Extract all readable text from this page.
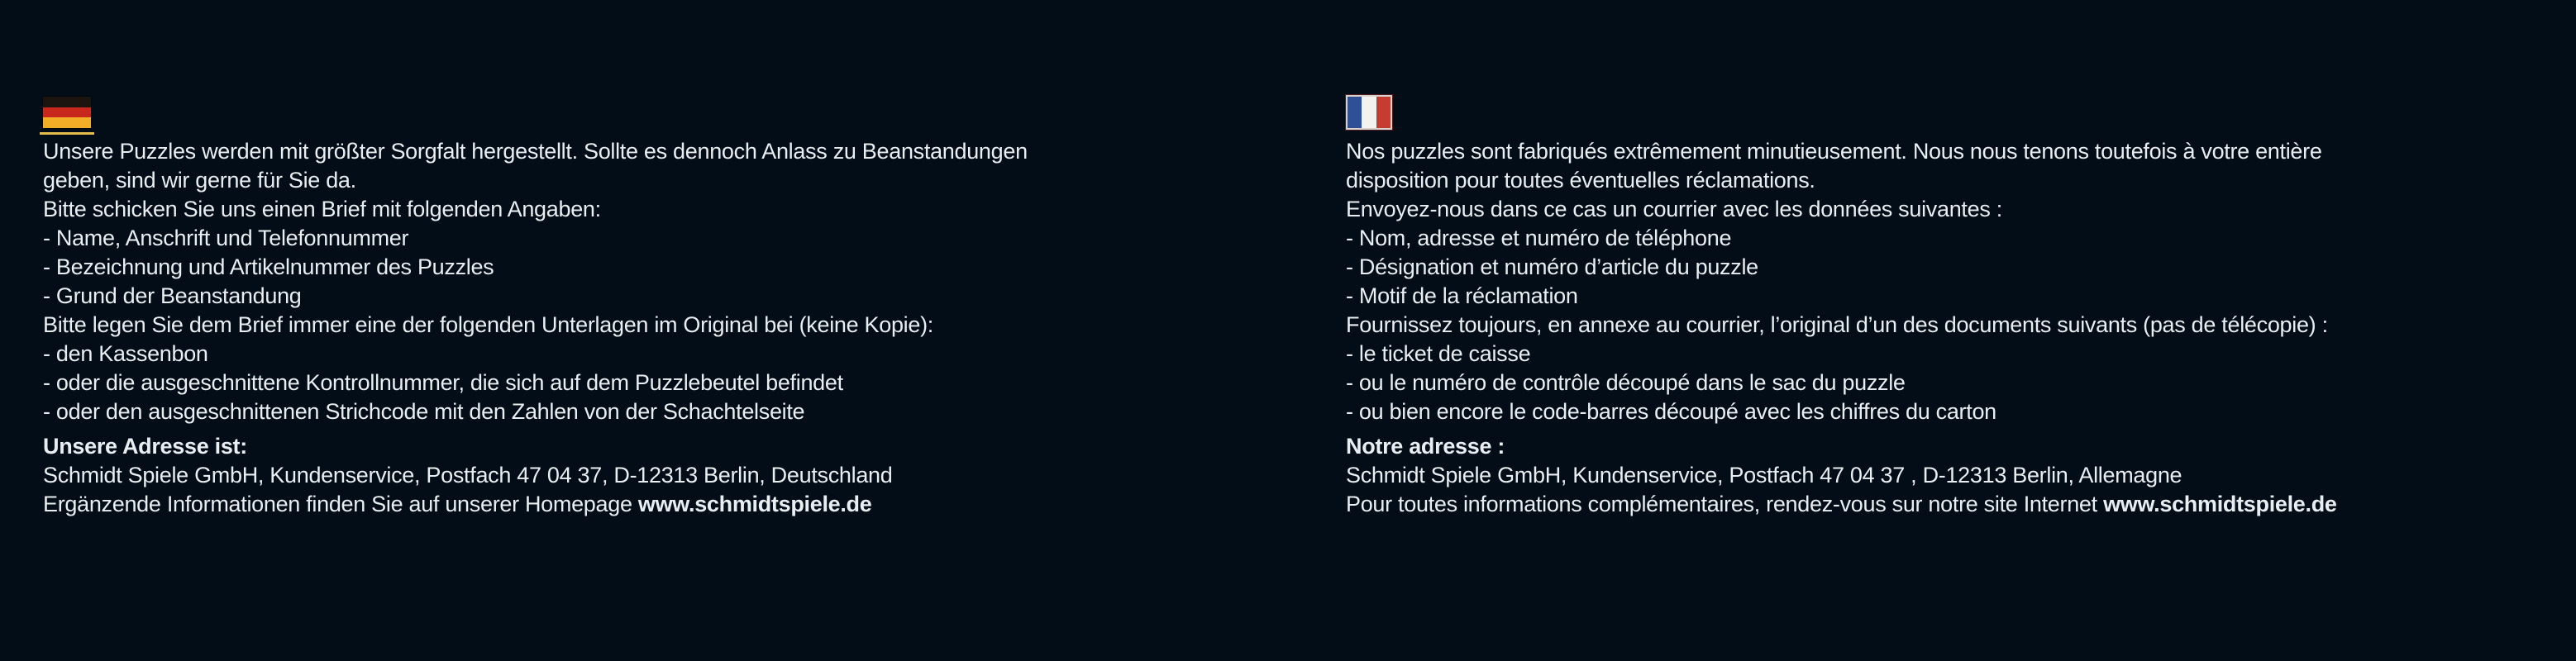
Unsere Puzzles werden mit größter Sorgfalt hergestellt. Sollte es dennoch Anlass zu Beanstandungen
geben, sind wir gerne für Sie da.
Bitte schicken Sie uns einen Brief mit folgenden Angaben:
- Name, Anschrift und Telefonnummer
- Bezeichnung und Artikelnummer des Puzzles
- Grund der Beanstandung
Bitte legen Sie dem Brief immer eine der folgenden Unterlagen im Original bei (keine Kopie):
- den Kassenbon
- oder die ausgeschnittene Kontrollnummer, die sich auf dem Puzzlebeutel befindet
- oder den ausgeschnittenen Strichcode mit den Zahlen von der Schachtelseite
Unsere Adresse ist:
Schmidt Spiele GmbH, Kundenservice, Postfach 47 04 37, D-12313 Berlin, Deutschland
Ergänzende Informationen finden Sie auf unserer Homepage www.schmidtspiele.de
Nos puzzles sont fabriqués extrêmement minutieusement. Nous nous tenons toutefois à votre entière
disposition pour toutes éventuelles réclamations.
Envoyez-nous dans ce cas un courrier avec les données suivantes :
- Nom, adresse et numéro de téléphone
- Désignation et numéro d’article du puzzle
- Motif de la réclamation
Fournissez toujours, en annexe au courrier, l’original d’un des documents suivants (pas de télécopie) :
- le ticket de caisse
- ou le numéro de contrôle découpé dans le sac du puzzle
- ou bien encore le code-barres découpé avec les chiffres du carton
Notre adresse :
Schmidt Spiele GmbH, Kundenservice, Postfach 47 04 37 , D-12313 Berlin, Allemagne
Pour toutes informations complémentaires, rendez-vous sur notre site Internet www.schmidtspiele.de
